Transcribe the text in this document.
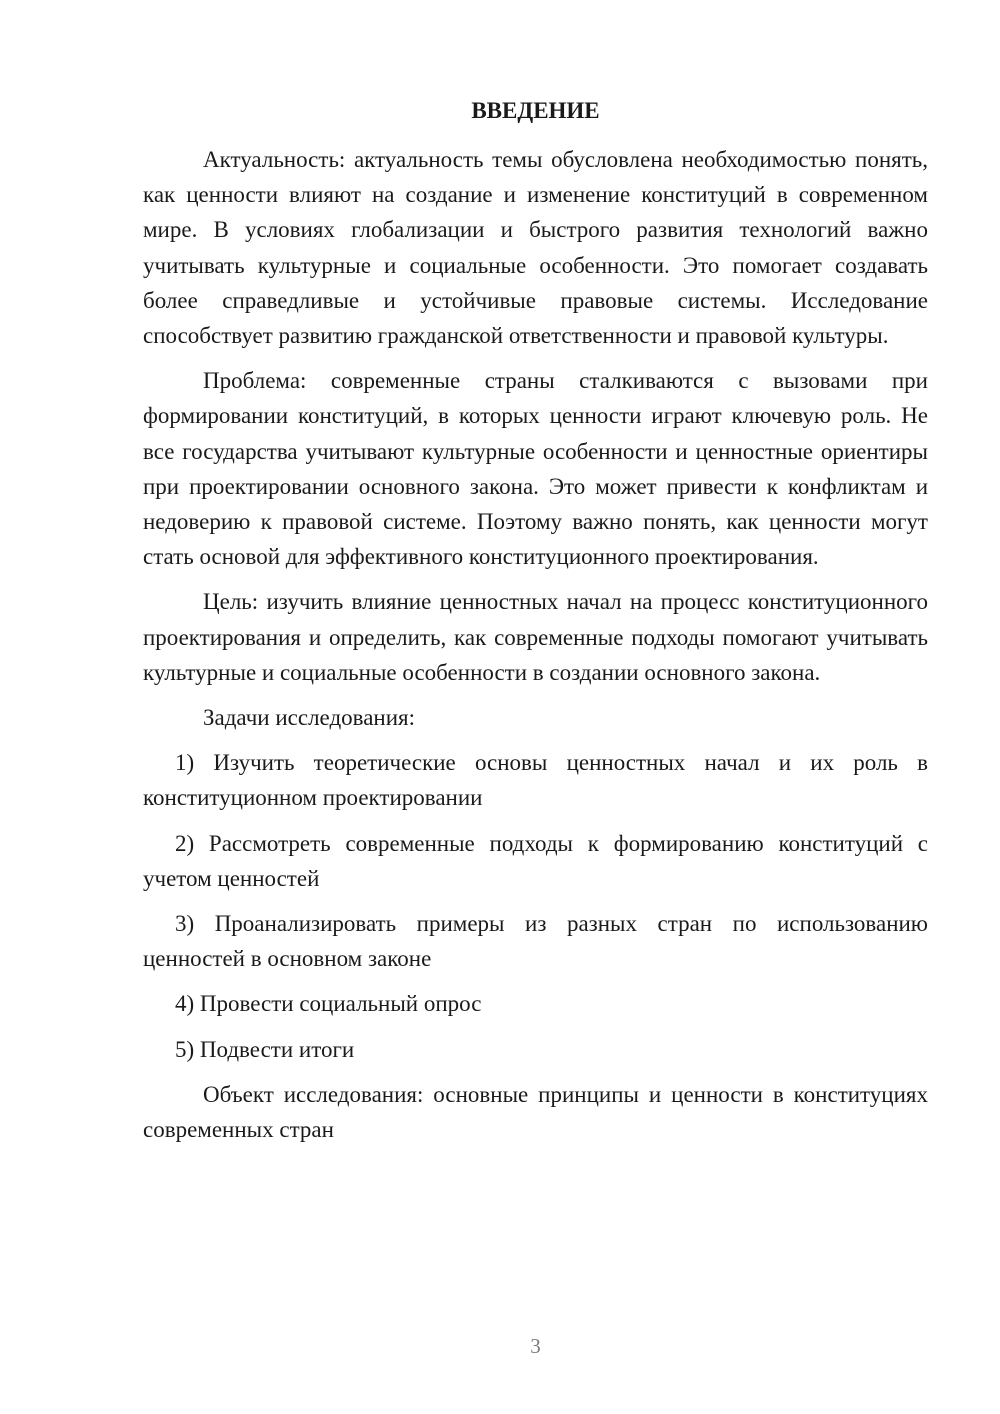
ВВЕДЕНИЕ

Актуальность: актуальность темы обусловлена необходимостью понять, как ценности влияют на создание и изменение конституций в современном мире. В условиях глобализации и быстрого развития технологий важно учитывать культурные и социальные особенности. Это помогает создавать более справедливые и устойчивые правовые системы. Исследование способствует развитию гражданской ответственности и правовой культуры.

Проблема: современные страны сталкиваются с вызовами при формировании конституций, в которых ценности играют ключевую роль. Не все государства учитывают культурные особенности и ценностные ориентиры при проектировании основного закона. Это может привести к конфликтам и недоверию к правовой системе. Поэтому важно понять, как ценности могут стать основой для эффективного конституционного проектирования.

Цель: изучить влияние ценностных начал на процесс конституционного проектирования и определить, как современные подходы помогают учитывать культурные и социальные особенности в создании основного закона.

Задачи исследования:

1) Изучить теоретические основы ценностных начал и их роль в конституционном проектировании

2) Рассмотреть современные подходы к формированию конституций с учетом ценностей

3) Проанализировать примеры из разных стран по использованию ценностей в основном законе

4) Провести социальный опрос

5) Подвести итоги

Объект исследования: основные принципы и ценности в конституциях современных стран

3
